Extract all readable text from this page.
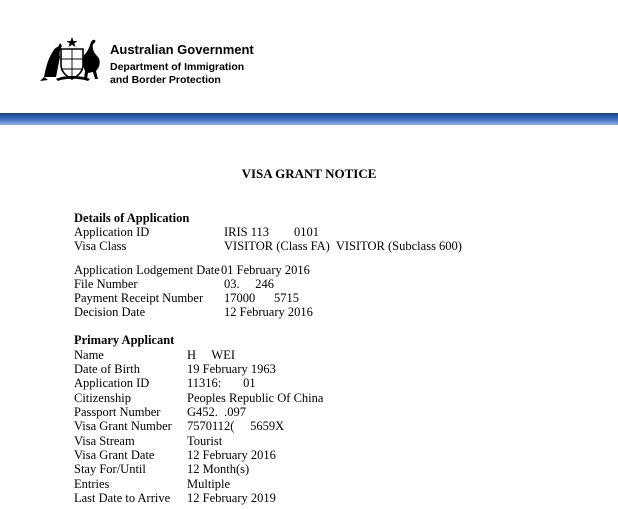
Australian Government
Department of Immigration
and Border Protection
VISA GRANT NOTICE
Details of Application
Application ID	IRIS 113        0101
Visa Class	VISITOR (Class FA)  VISITOR (Subclass 600)
Application Lodgement Date 01 February 2016
File Number	03.     246
Payment Receipt Number 17000      5715
Decision Date	12 February 2016
Primary Applicant
Name	H     WEI
Date of Birth	19 February 1963
Application ID	11316:       01
Citizenship	Peoples Republic Of China
Passport Number G452.  .097
Visa Grant Number 7570112(     5659X
Visa Stream	Tourist
Visa Grant Date	12 February 2016
Stay For/Until	12 Month(s)
Entries	Multiple
Last Date to Arrive 12 February 2019
